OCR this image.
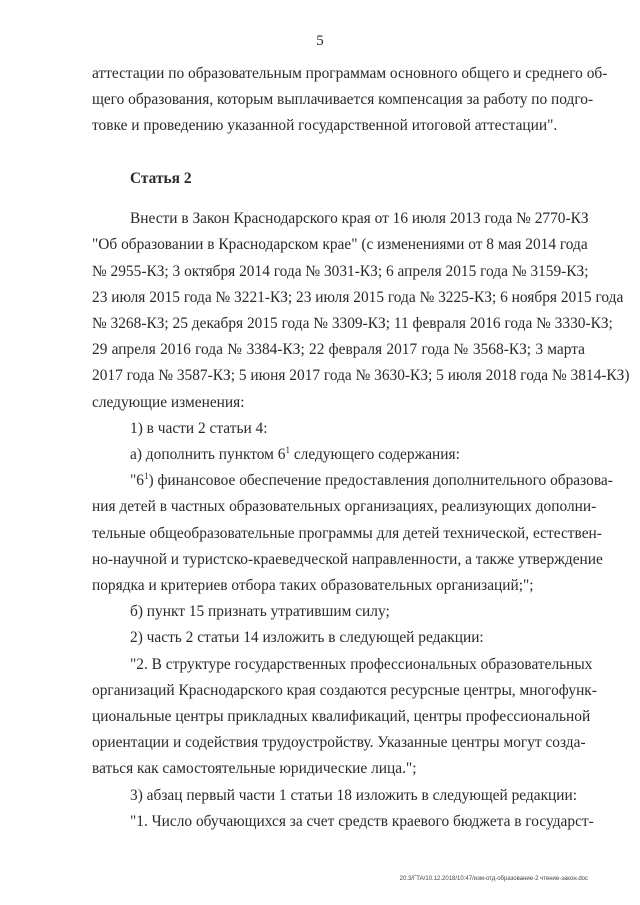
5
аттестации по образовательным программам основного общего и среднего об-
щего образования, которым выплачивается компенсация за работу по подго-
товке и проведению указанной государственной итоговой аттестации".
Статья 2
Внести в Закон Краснодарского края от 16 июля 2013 года № 2770-КЗ
"Об образовании в Краснодарском крае" (с изменениями от 8 мая 2014 года
№ 2955-КЗ; 3 октября 2014 года № 3031-КЗ; 6 апреля 2015 года № 3159-КЗ;
23 июля 2015 года № 3221-КЗ; 23 июля 2015 года № 3225-КЗ; 6 ноября 2015 года
№ 3268-КЗ; 25 декабря 2015 года № 3309-КЗ; 11 февраля 2016 года № 3330-КЗ;
29 апреля 2016 года № 3384-КЗ; 22 февраля 2017 года № 3568-КЗ; 3 марта
2017 года № 3587-КЗ; 5 июня 2017 года № 3630-КЗ; 5 июля 2018 года № 3814-КЗ)
следующие изменения:
1) в части 2 статьи 4:
а) дополнить пунктом $6^1$ следующего содержания:
"$6^1$) финансовое обеспечение предоставления дополнительного образова-
ния детей в частных образовательных организациях, реализующих дополни-
тельные общеобразовательные программы для детей технической, естествен-
но-научной и туристско-краеведческой направленности, а также утверждение
порядка и критериев отбора таких образовательных организаций;";
б) пункт 15 признать утратившим силу;
2) часть 2 статьи 14 изложить в следующей редакции:
"2. В структуре государственных профессиональных образовательных
организаций Краснодарского края создаются ресурсные центры, многофунк-
циональные центры прикладных квалификаций, центры профессиональной
ориентации и содействия трудоустройству. Указанные центры могут созда-
ваться как самостоятельные юридические лица.";
3) абзац первый части 1 статьи 18 изложить в следующей редакции:
"1. Число обучающихся за счет средств краевого бюджета в государст-
20.3/ГТА/10.12.2018/10:47/изм-отд-образование-2 чтение-закон.doc
